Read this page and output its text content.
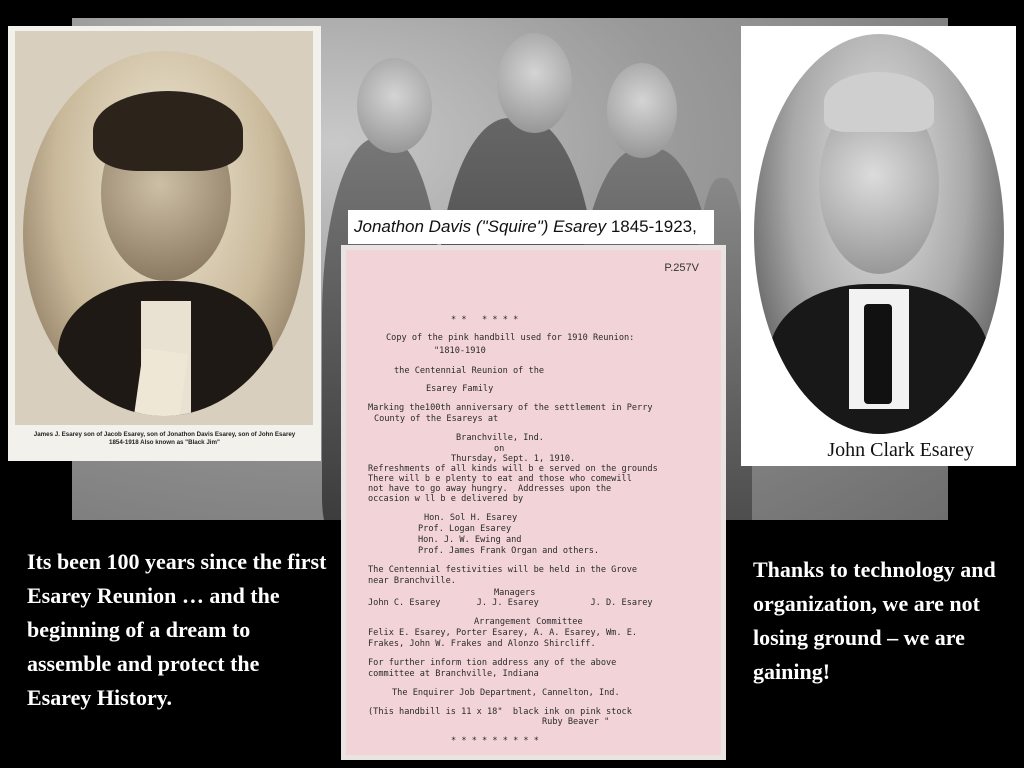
Jonathon Davis ("Squire") Esarey 1845-1923,
James J. Esarey son of Jacob Esarey, son of Jonathon Davis Esarey, son of John Esarey
1854-1918 Also known as "Black Jim"	John Clark Esarey
P.257V
* *   * * * *
Copy of the pink handbill used for 1910 Reunion:
"1810-1910
the Centennial Reunion of the
Esarey Family
Marking the100th anniversary of the settlement in Perry
County of the Esareys at
Branchville, Ind.
on
Thursday, Sept. 1, 1910.
Refreshments of all kinds will b e served on the grounds
There will b e plenty to eat and those who comewill
not have to go away hungry.  Addresses upon the
occasion w ll b e delivered by
Hon. Sol H. Esarey
Prof. Logan Esarey
Hon. J. W. Ewing and
Prof. James Frank Organ and others.
The Centennial festivities will be held in the Grove
near Branchville.
Managers
John C. Esarey       J. J. Esarey          J. D. Esarey
Arrangement Committee
Felix E. Esarey, Porter Esarey, A. A. Esarey, Wm. E.
Frakes, John W. Frakes and Alonzo Shircliff.
For further inform tion address any of the above
committee at Branchville, Indiana
The Enquirer Job Department, Cannelton, Ind.
(This handbill is 11 x 18"  black ink on pink stock
Ruby Beaver "
* * * * * * * * *
Its been 100 years since the first Esarey Reunion … and the beginning of a dream to assemble and protect the Esarey History.
Thanks to technology and organization, we are not losing ground – we are gaining!
